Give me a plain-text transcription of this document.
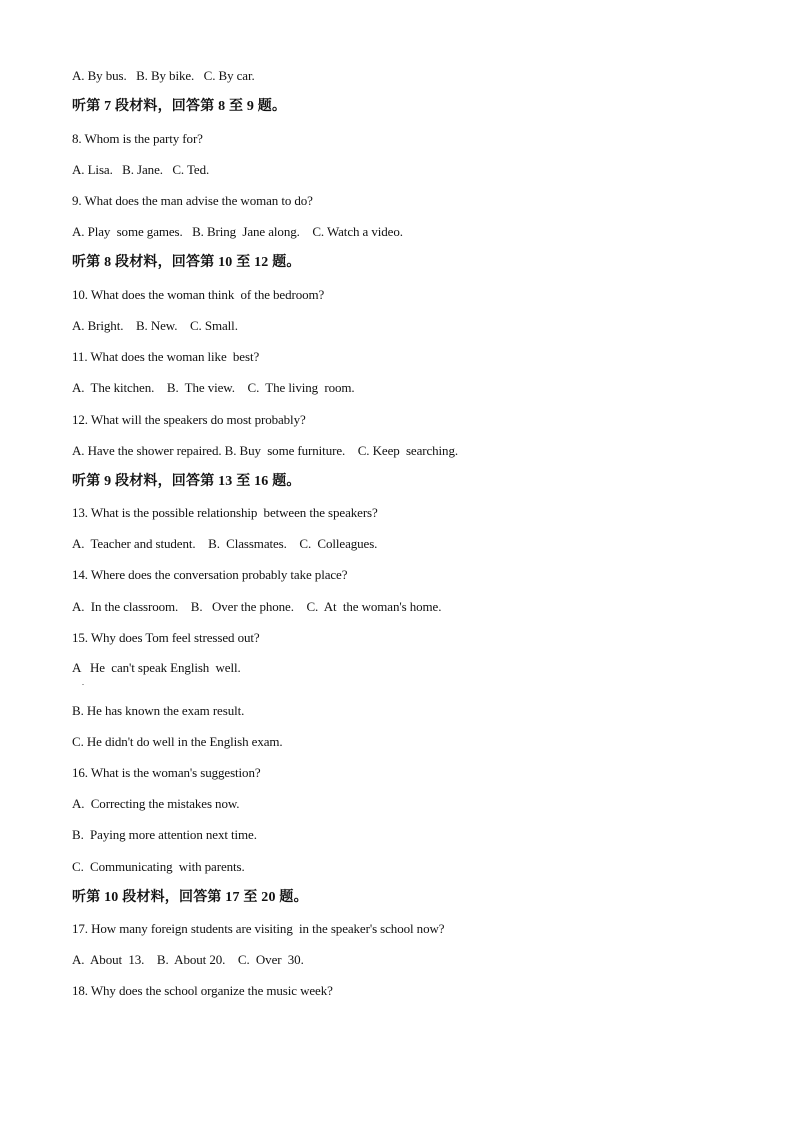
A. By bus.   B. By bike.   C. By car.
听第 7 段材料，回答第 8 至 9 题。
8. Whom is the party for?
A. Lisa.   B. Jane.   C. Ted.
9. What does the man advise the woman to do?
A. Play  some games.   B. Bring  Jane along.    C. Watch a video.
听第 8 段材料，回答第 10 至 12 题。
10. What does the woman think  of the bedroom?
A. Bright.    B. New.    C. Small.
11. What does the woman like  best?
A.  The kitchen.    B.  The view.    C.  The living  room.
12. What will the speakers do most probably?
A. Have the shower repaired. B. Buy  some furniture.    C. Keep  searching.
听第 9 段材料，回答第 13 至 16 题。
13. What is the possible relationship  between the speakers?
A.  Teacher and student.    B.  Classmates.    C.  Colleagues.
14. Where does the conversation probably take place?
A.  In the classroom.    B.   Over the phone.    C.  At  the woman's home.
15. Why does Tom feel stressed out?
A   He  can't speak English  well.
.
B. He has known the exam result.
C. He didn't do well in the English exam.
16. What is the woman's suggestion?
A.  Correcting the mistakes now.
B.  Paying more attention next time.
C.  Communicating  with parents.
听第 10 段材料，回答第 17 至 20 题。
17. How many foreign students are visiting  in the speaker's school now?
A.  About  13.    B.  About 20.    C.  Over  30.
18. Why does the school organize the music week?
